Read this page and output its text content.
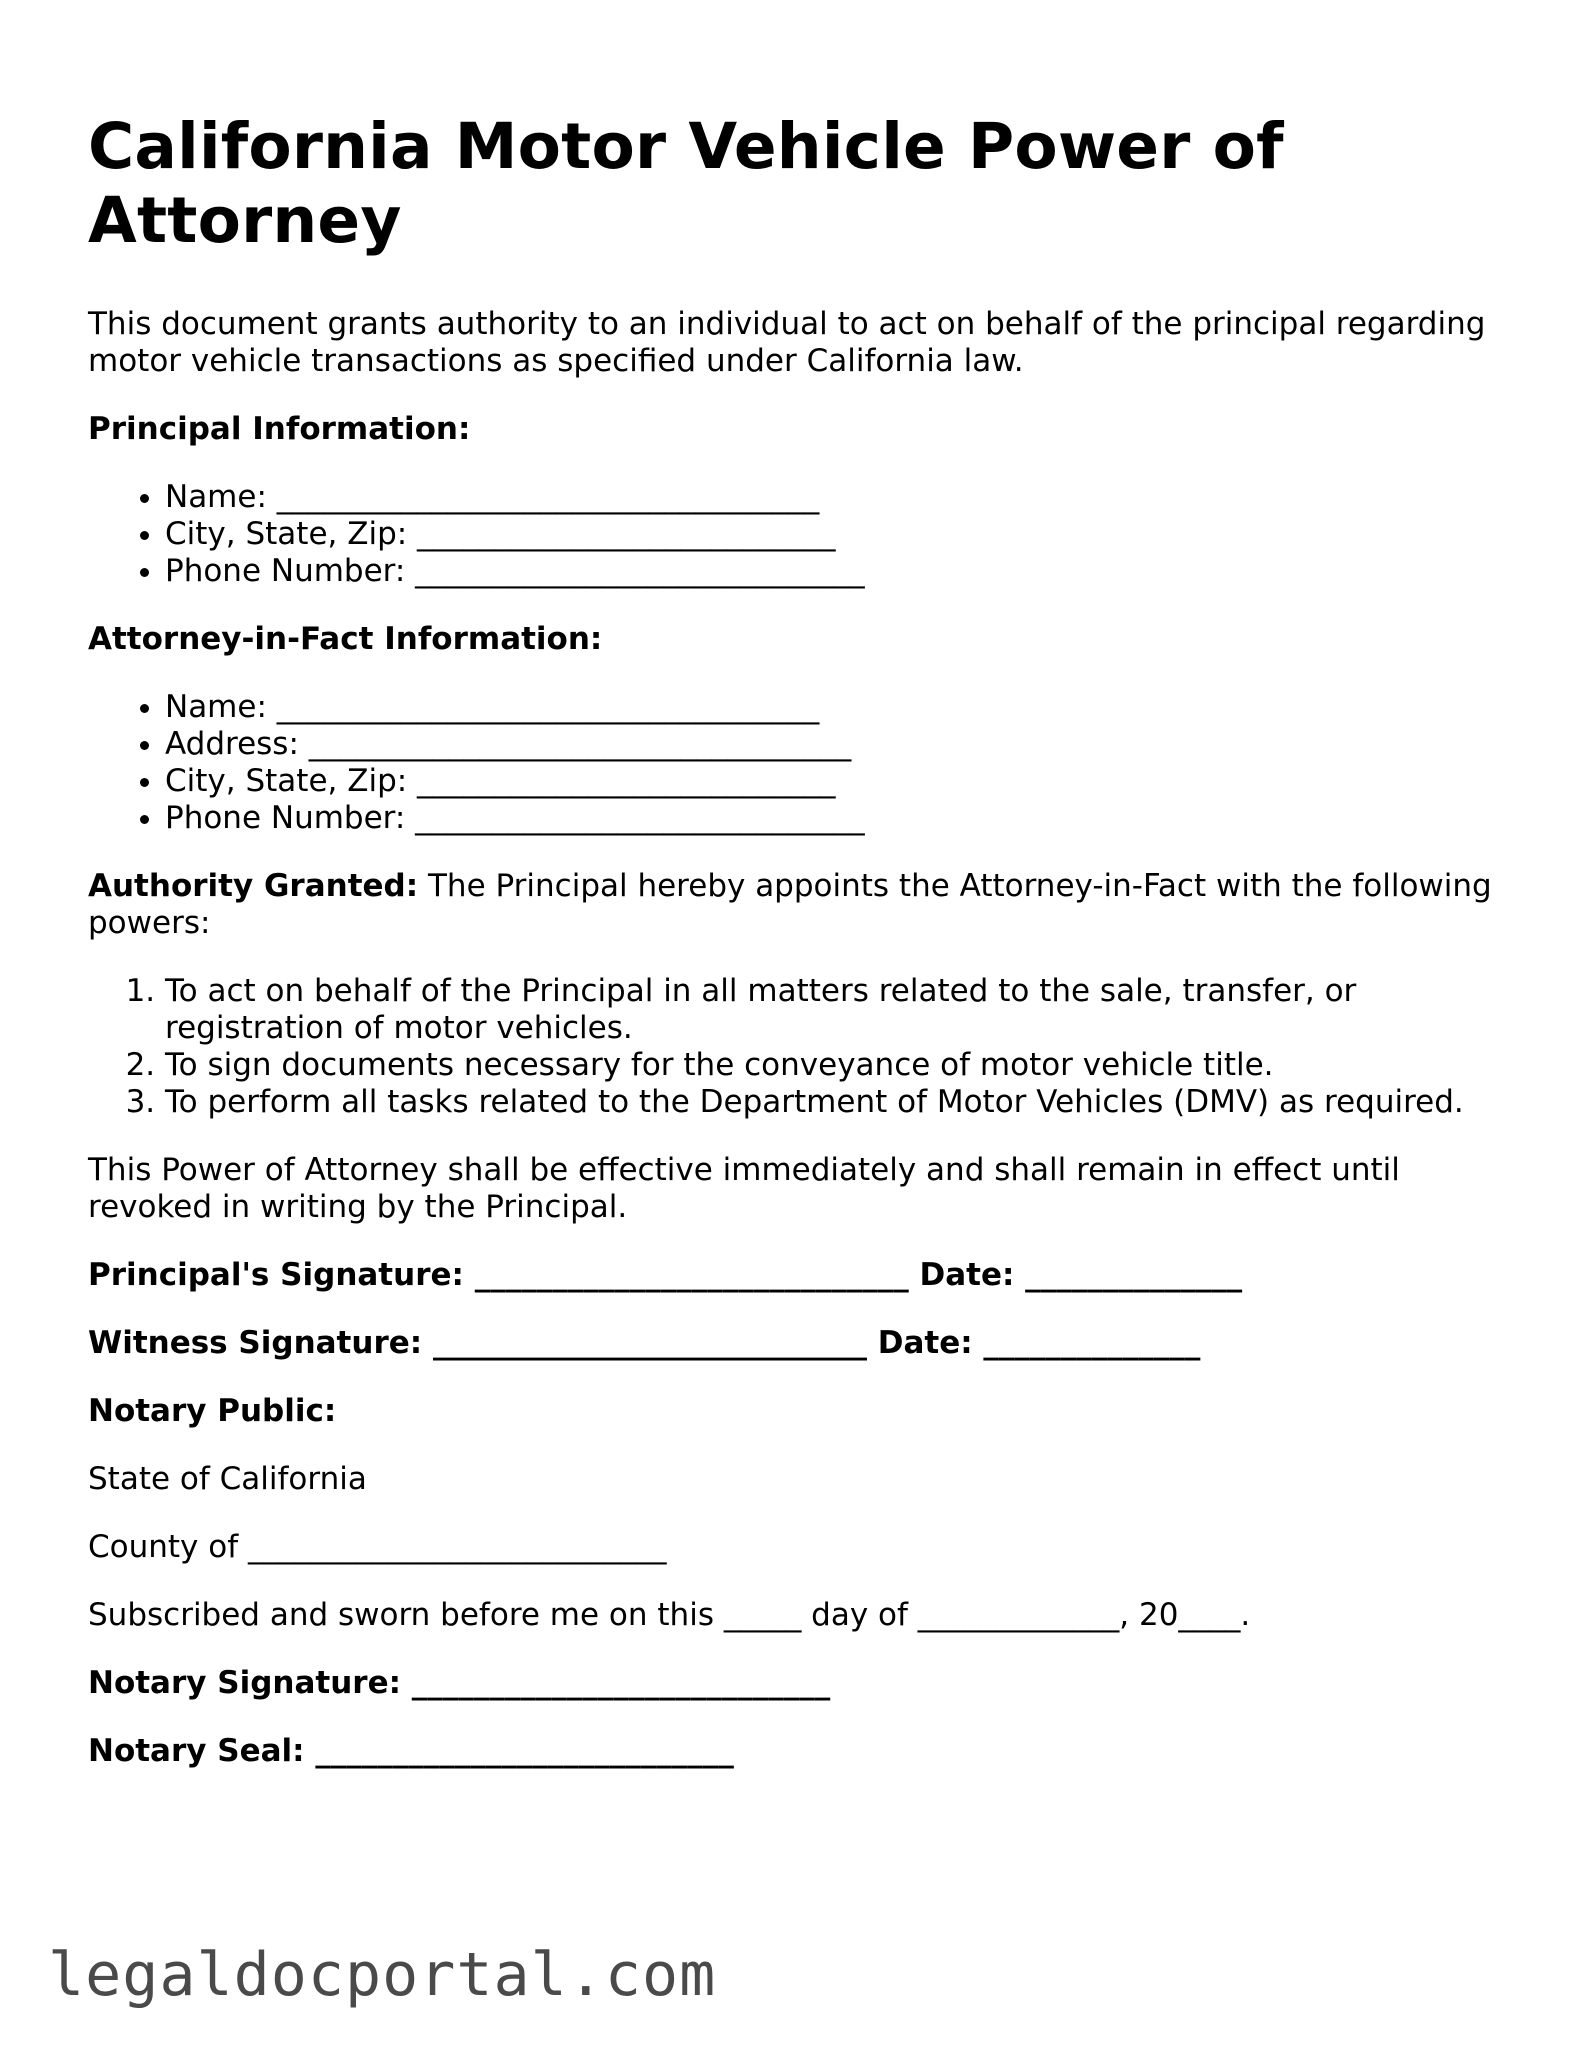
California Motor Vehicle Power of Attorney

This document grants authority to an individual to act on behalf of the principal regarding motor vehicle transactions as specified under California law.

Principal Information:

• Name: ___________________________________
• City, State, Zip: ___________________________
• Phone Number: _____________________________

Attorney-in-Fact Information:

• Name: ___________________________________
• Address: ___________________________________
• City, State, Zip: ___________________________
• Phone Number: _____________________________

Authority Granted: The Principal hereby appoints the Attorney-in-Fact with the following powers:

1. To act on behalf of the Principal in all matters related to the sale, transfer, or registration of motor vehicles.
2. To sign documents necessary for the conveyance of motor vehicle title.
3. To perform all tasks related to the Department of Motor Vehicles (DMV) as required.

This Power of Attorney shall be effective immediately and shall remain in effect until revoked in writing by the Principal.

Principal's Signature: ____________________________ Date: ______________

Witness Signature: ____________________________ Date: ______________

Notary Public:

State of California

County of ___________________________

Subscribed and sworn before me on this _____ day of _____________, 20____.

Notary Signature: ___________________________

Notary Seal: ___________________________

legaldocportal.com
